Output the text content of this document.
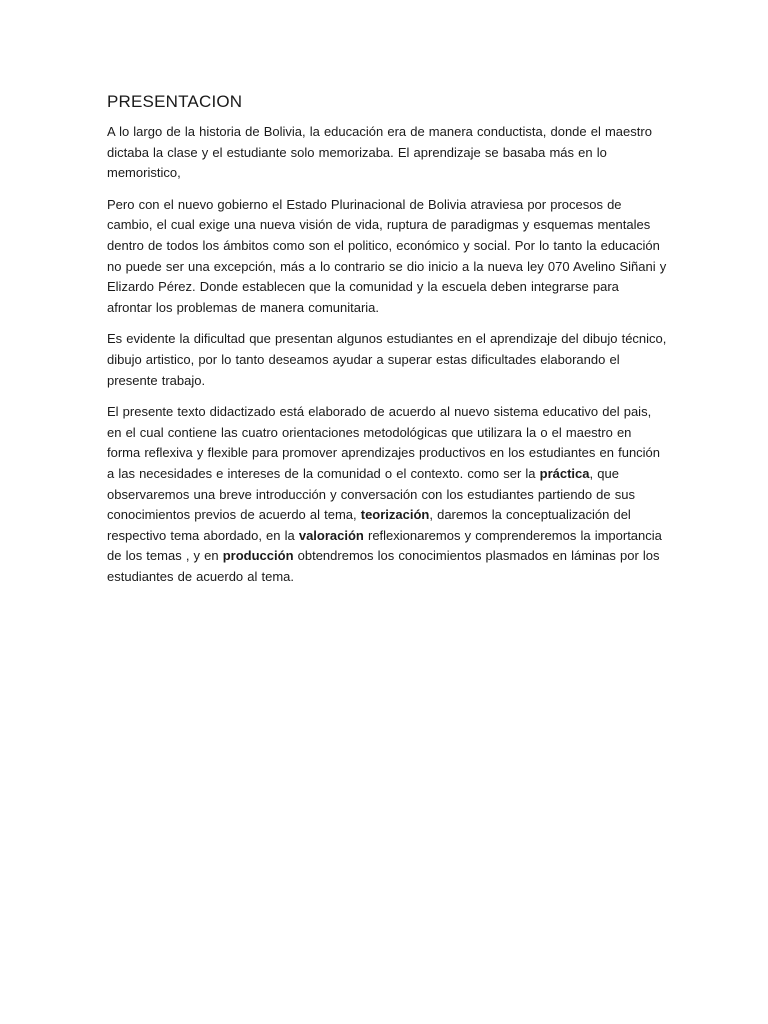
PRESENTACION

A lo largo de la historia de Bolivia, la educación era de manera conductista, donde el maestro dictaba la clase y el estudiante solo memorizaba. El aprendizaje se basaba más en lo memoristico,

Pero con el nuevo gobierno el Estado Plurinacional de Bolivia atraviesa por procesos de cambio, el cual exige una nueva visión de vida, ruptura de paradigmas y esquemas mentales dentro de todos los ámbitos como son el politico, económico y social. Por lo tanto la educación no puede ser una excepción, más a lo contrario se dio inicio a la nueva ley 070 Avelino Siñani y Elizardo Pérez. Donde establecen que la comunidad y la escuela deben integrarse para afrontar los problemas de manera comunitaria.

Es evidente la dificultad que presentan algunos estudiantes en el aprendizaje del dibujo técnico, dibujo artistico, por lo tanto deseamos ayudar a superar estas dificultades elaborando el presente trabajo.

El presente texto didactizado está elaborado de acuerdo al nuevo sistema educativo del pais, en el cual contiene las cuatro orientaciones metodológicas que utilizara la o el maestro en forma reflexiva y flexible para promover aprendizajes productivos en los estudiantes en función a las necesidades e intereses de la comunidad o el contexto. como ser la práctica, que observaremos una breve introducción y conversación con los estudiantes partiendo de sus conocimientos previos de acuerdo al tema, teorización, daremos la conceptualización del respectivo tema abordado, en la valoración reflexionaremos y comprenderemos la importancia de los temas , y en producción obtendremos los conocimientos plasmados en láminas por los estudiantes de acuerdo al tema.
